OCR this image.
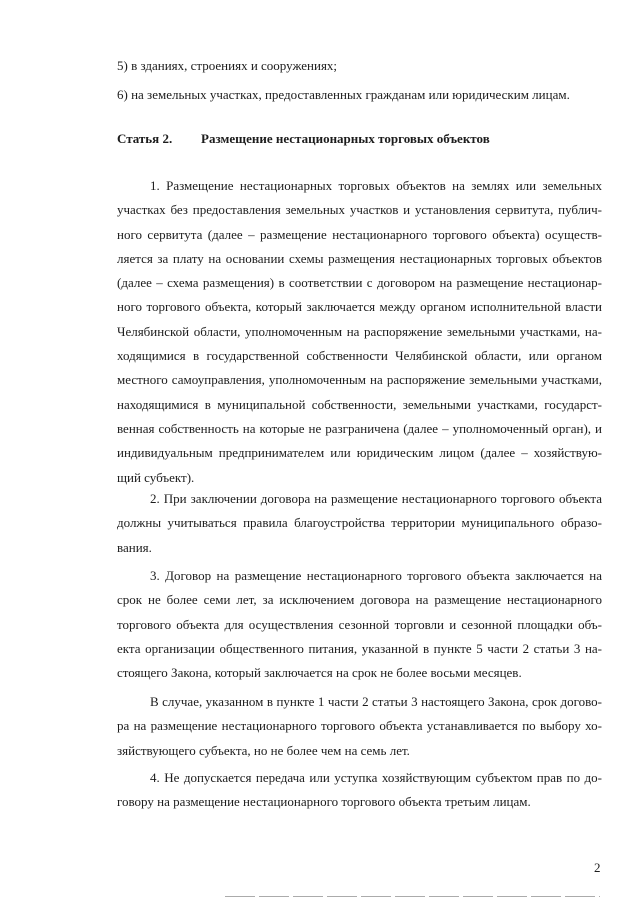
5) в зданиях, строениях и сооружениях;
6) на земельных участках, предоставленных гражданам или юридическим лицам.
Статья 2. Размещение нестационарных торговых объектов
1. Размещение нестационарных торговых объектов на землях или земельных
участках без предоставления земельных участков и установления сервитута, публич-
ного сервитута (далее – размещение нестационарного торгового объекта) осуществ-
ляется за плату на основании схемы размещения нестационарных торговых объектов
(далее – схема размещения) в соответствии с договором на размещение нестационар-
ного торгового объекта, который заключается между органом исполнительной власти
Челябинской области, уполномоченным на распоряжение земельными участками, на-
ходящимися в государственной собственности Челябинской области, или органом
местного самоуправления, уполномоченным на распоряжение земельными участками,
находящимися в муниципальной собственности, земельными участками, государст-
венная собственность на которые не разграничена (далее – уполномоченный орган), и
индивидуальным предпринимателем или юридическим лицом (далее – хозяйствую-
щий субъект).
2. При заключении договора на размещение нестационарного торгового объекта
должны учитываться правила благоустройства территории муниципального образо-
вания.
3. Договор на размещение нестационарного торгового объекта заключается на
срок не более семи лет, за исключением договора на размещение нестационарного
торгового объекта для осуществления сезонной торговли и сезонной площадки объ-
екта организации общественного питания, указанной в пункте 5 части 2 статьи 3 на-
стоящего Закона, который заключается на срок не более восьми месяцев.
В случае, указанном в пункте 1 части 2 статьи 3 настоящего Закона, срок догово-
ра на размещение нестационарного торгового объекта устанавливается по выбору хо-
зяйствующего субъекта, но не более чем на семь лет.
4. Не допускается передача или уступка хозяйствующим субъектом прав по до-
говору на размещение нестационарного торгового объекта третьим лицам.
2
